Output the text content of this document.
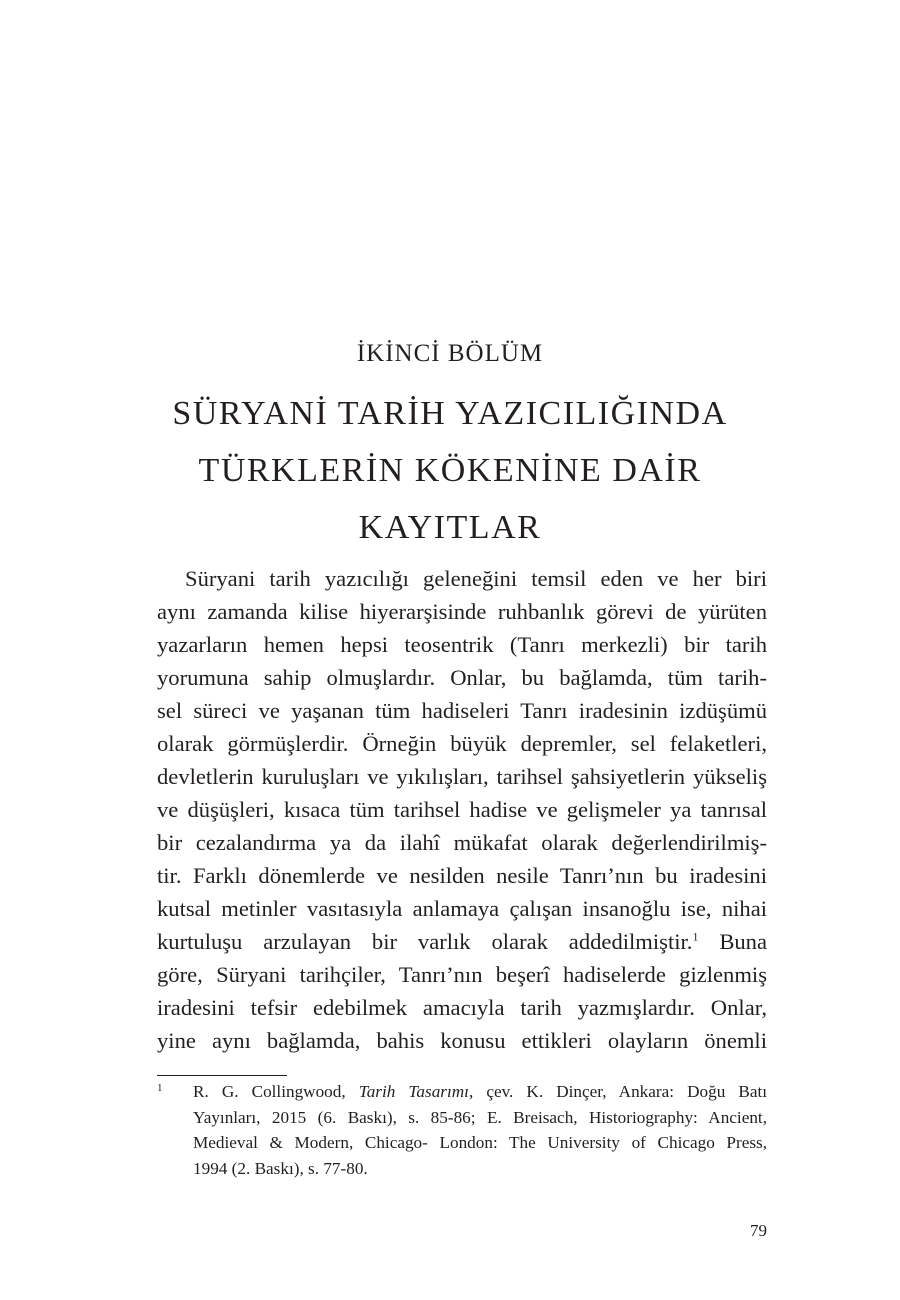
İKİNCİ BÖLÜM
SÜRYANİ TARİH YAZICILIĞINDA
TÜRKLERİN KÖKENİNE DAİR
KAYITLAR
Süryani tarih yazıcılığı geleneğini temsil eden ve her biri
aynı zamanda kilise hiyerarşisinde ruhbanlık görevi de yürüten
yazarların hemen hepsi teosentrik (Tanrı merkezli) bir tarih
yorumuna sahip olmuşlardır. Onlar, bu bağlamda, tüm tarih-
sel süreci ve yaşanan tüm hadiseleri Tanrı iradesinin izdüşümü
olarak görmüşlerdir. Örneğin büyük depremler, sel felaketleri,
devletlerin kuruluşları ve yıkılışları, tarihsel şahsiyetlerin yükseliş
ve düşüşleri, kısaca tüm tarihsel hadise ve gelişmeler ya tanrısal
bir cezalandırma ya da ilahî mükafat olarak değerlendirilmiş-
tir. Farklı dönemlerde ve nesilden nesile Tanrı’nın bu iradesini
kutsal metinler vasıtasıyla anlamaya çalışan insanoğlu ise, nihai
kurtuluşu arzulayan bir varlık olarak addedilmiştir.$^1$ Buna
göre, Süryani tarihçiler, Tanrı’nın beşerî hadiselerde gizlenmiş
iradesini tefsir edebilmek amacıyla tarih yazmışlardır. Onlar,
yine aynı bağlamda, bahis konusu ettikleri olayların önemli
1 R. G. Collingwood, Tarih Tasarımı, çev. K. Dinçer, Ankara: Doğu Batı
Yayınları, 2015 (6. Baskı), s. 85-86; E. Breisach, Historiography: Ancient,
Medieval & Modern, Chicago- London: The University of Chicago Press,
1994 (2. Baskı), s. 77-80.
79
